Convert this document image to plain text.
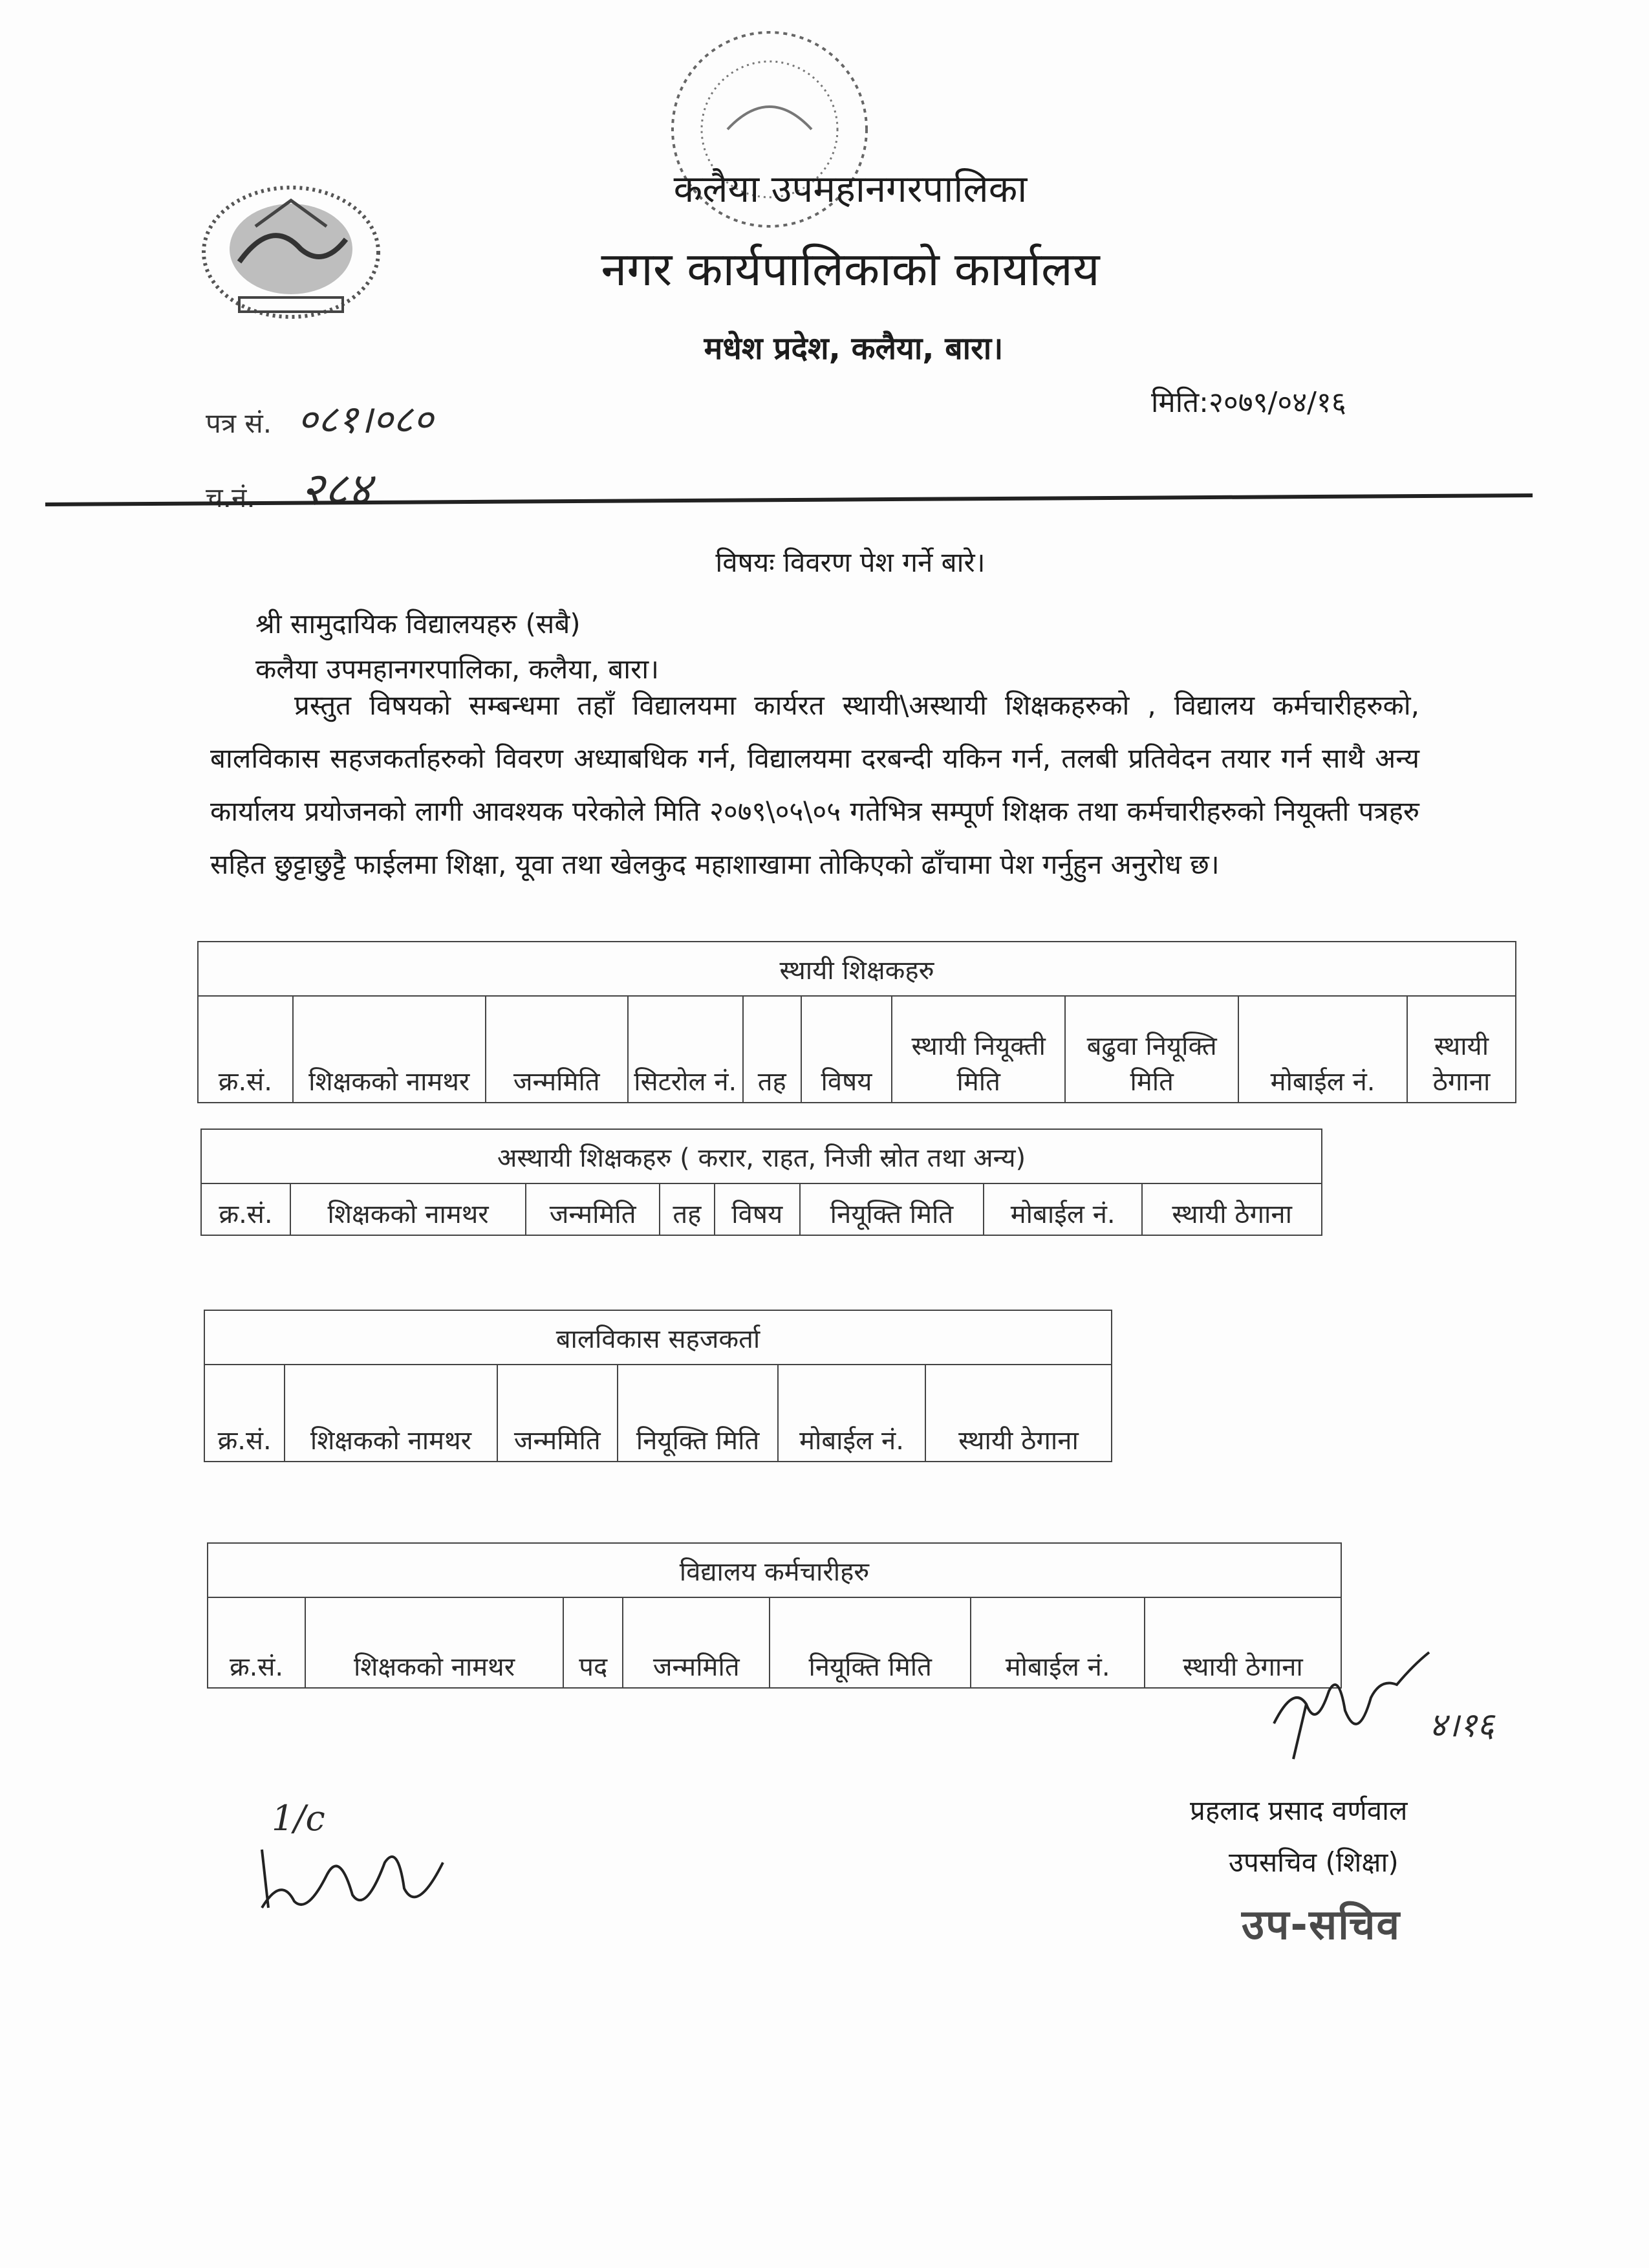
कलैया उपमहानगरपालिका
नगर कार्यपालिकाको कार्यालय
मधेश प्रदेश, कलैया, बारा।
पत्र सं. ०८१।०८०
च.नं. २८४
मिति:२०७९/०४/१६
विषयः विवरण पेश गर्ने बारे।
श्री सामुदायिक विद्यालयहरु (सबै)
कलैया उपमहानगरपालिका, कलैया, बारा।
प्रस्तुत विषयको सम्बन्धमा तहाँ विद्यालयमा कार्यरत स्थायी\अस्थायी शिक्षकहरुको , विद्यालय कर्मचारीहरुको, बालविकास सहजकर्ताहरुको विवरण अध्याबधिक गर्न, विद्यालयमा दरबन्दी यकिन गर्न, तलबी प्रतिवेदन तयार गर्न साथै अन्य कार्यालय प्रयोजनको लागी आवश्यक परेकोले मिति २०७९\०५\०५ गतेभित्र सम्पूर्ण शिक्षक तथा कर्मचारीहरुको नियूक्ती पत्रहरु सहित छुट्टाछुट्टै फाईलमा शिक्षा, यूवा तथा खेलकुद महाशाखामा तोकिएको ढाँचामा पेश गर्नुहुन अनुरोध छ।
स्थायी शिक्षकहरु
क्र.सं.	शिक्षकको नामथर	जन्ममिति	सिटरोल नं.	तह	विषय	स्थायी नियूक्ती मिति	बढुवा नियूक्ति मिति	मोबाईल नं.	स्थायी ठेगाना
अस्थायी शिक्षकहरु ( करार, राहत, निजी स्रोत तथा अन्य)
क्र.सं.	शिक्षकको नामथर	जन्ममिति	तह	विषय	नियूक्ति मिति	मोबाईल नं.	स्थायी ठेगाना
बालविकास सहजकर्ता
क्र.सं.	शिक्षकको नामथर	जन्ममिति	नियूक्ति मिति	मोबाईल नं.	स्थायी ठेगाना
विद्यालय कर्मचारीहरु
क्र.सं.	शिक्षकको नामथर	पद	जन्ममिति	नियूक्ति मिति	मोबाईल नं.	स्थायी ठेगाना
४।१६
प्रहलाद प्रसाद वर्णवाल
उपसचिव (शिक्षा)
उप-सचिव
1/c
